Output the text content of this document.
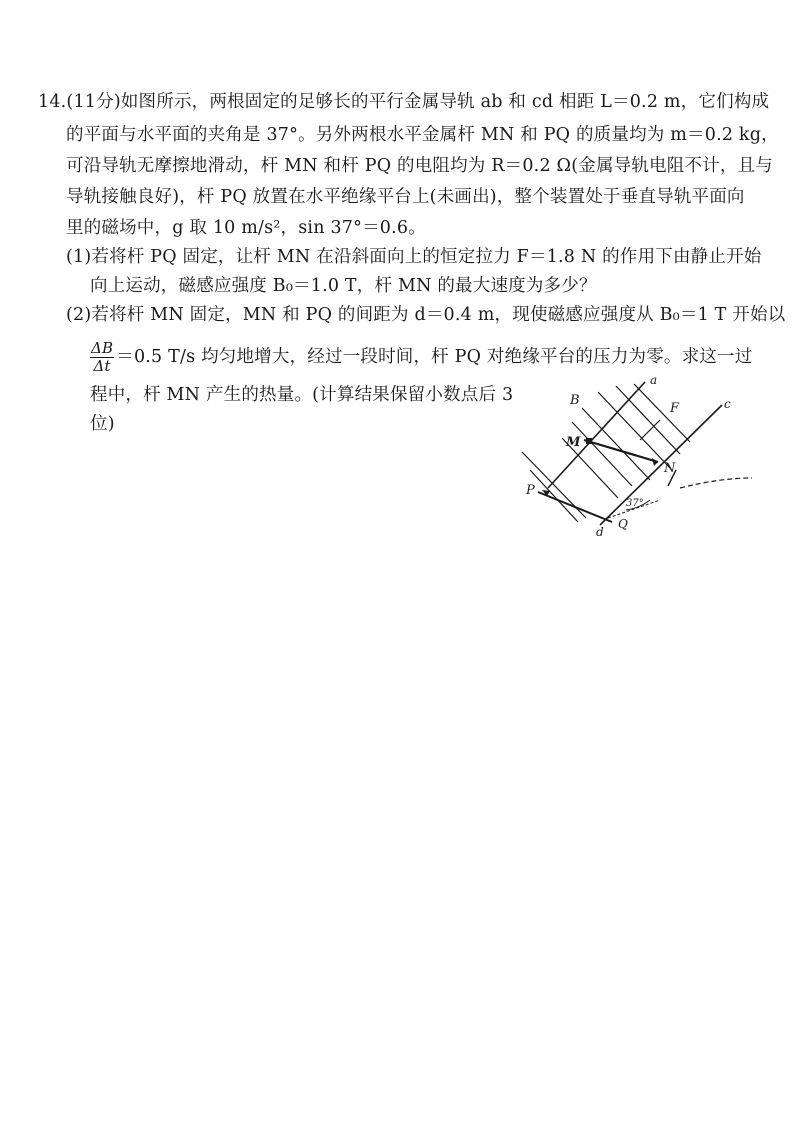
14.(11分)如图所示，两根固定的足够长的平行金属导轨 ab 和 cd 相距 L＝0.2 m，它们构成
的平面与水平面的夹角是 37°。另外两根水平金属杆 MN 和 PQ 的质量均为 m＝0.2 kg，
可沿导轨无摩擦地滑动，杆 MN 和杆 PQ 的电阻均为 R＝0.2 Ω(金属导轨电阻不计，且与
导轨接触良好)，杆 PQ 放置在水平绝缘平台上(未画出)，整个装置处于垂直导轨平面向
里的磁场中，g 取 10 m/s²，sin 37°＝0.6。
(1)若将杆 PQ 固定，让杆 MN 在沿斜面向上的恒定拉力 F＝1.8 N 的作用下由静止开始
向上运动，磁感应强度 B₀＝1.0 T，杆 MN 的最大速度为多少？
(2)若将杆 MN 固定，MN 和 PQ 的间距为 d＝0.4 m，现使磁感应强度从 B₀＝1 T 开始以
$\frac{\Delta B}{\Delta t} =0.5$ T/s 均匀地增大，经过一段时间，杆 PQ 对绝缘平台的压力为零。求这一过
程中，杆 MN 产生的热量。(计算结果保留小数点后 3
位)
a
B
F	c
M
N
P
d
Q
37°
